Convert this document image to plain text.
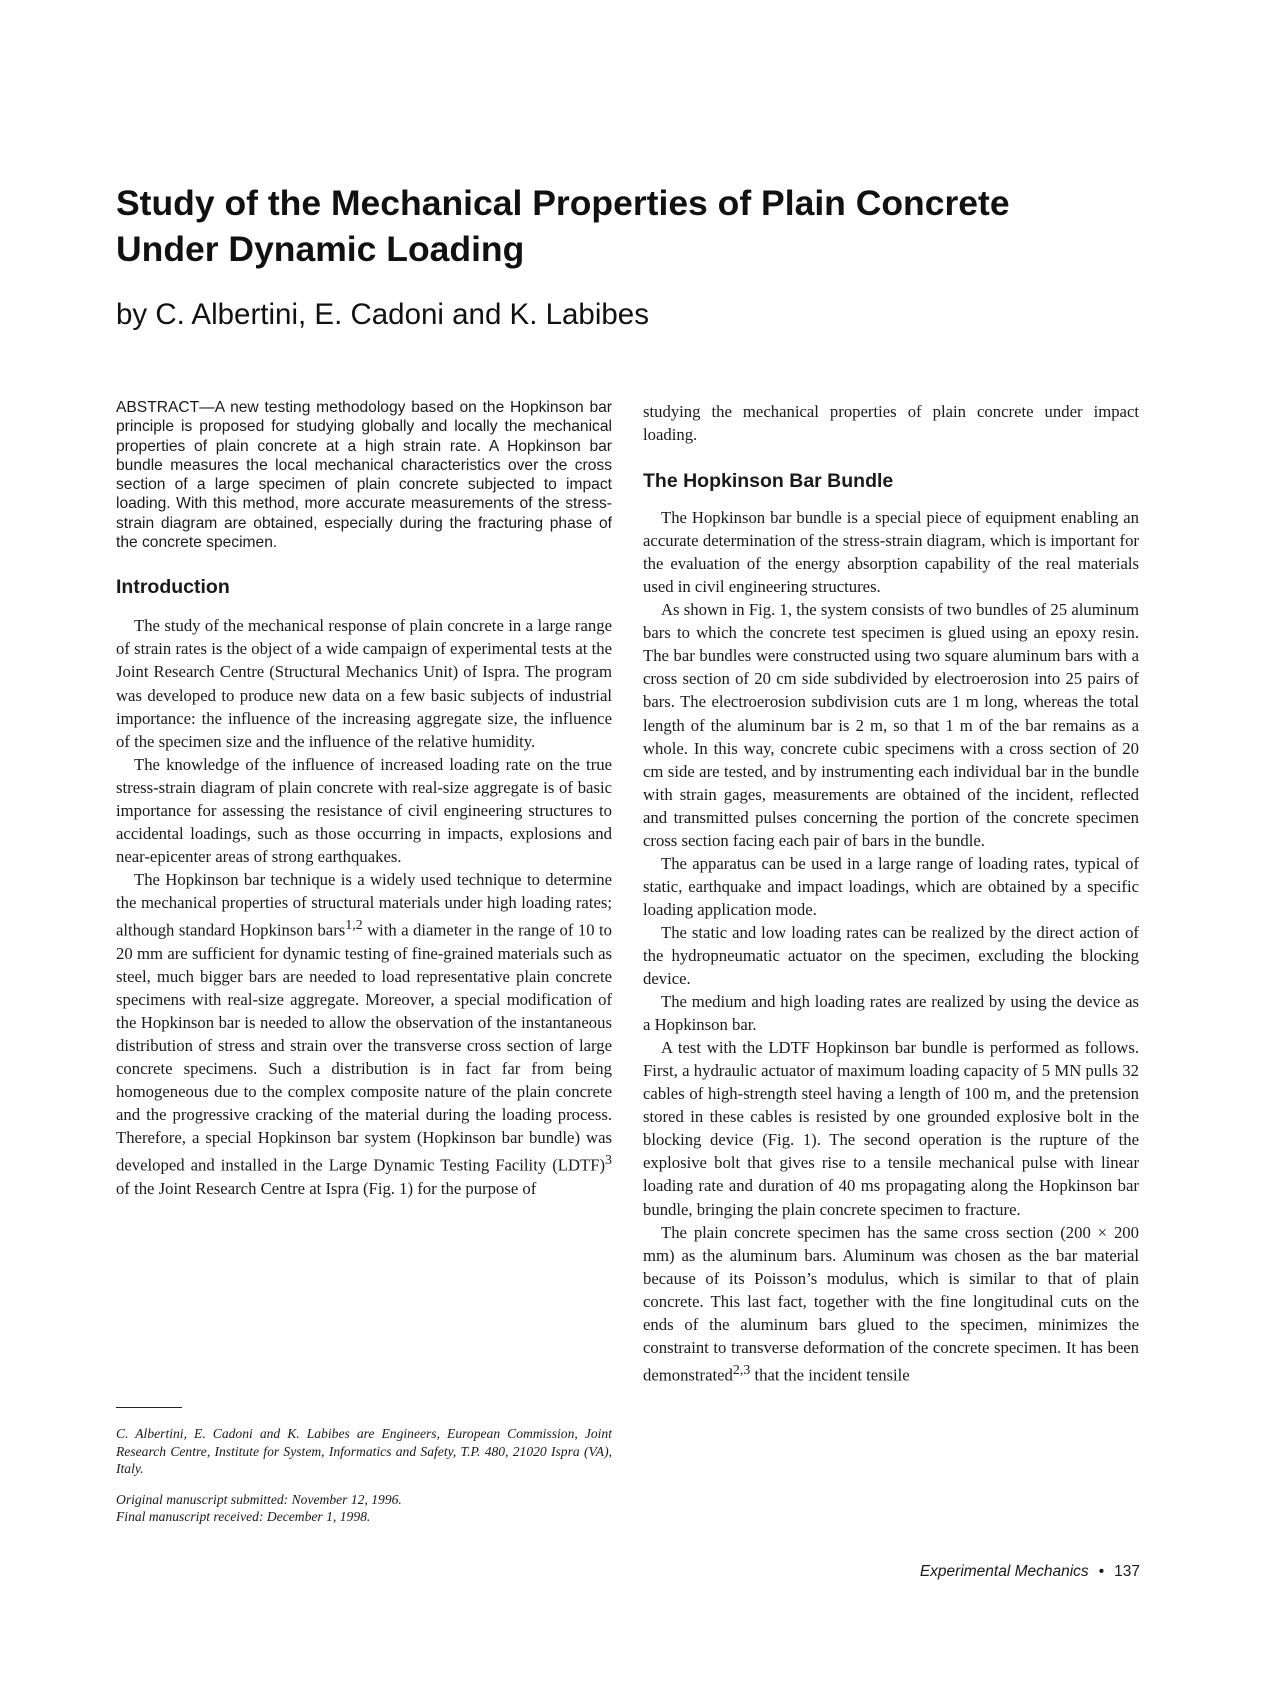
Study of the Mechanical Properties of Plain Concrete
Under Dynamic Loading
by C. Albertini, E. Cadoni and K. Labibes

ABSTRACT—A new testing methodology based on the Hopkinson bar principle is proposed for studying globally and locally the mechanical properties of plain concrete at a high strain rate. A Hopkinson bar bundle measures the local mechanical characteristics over the cross section of a large specimen of plain concrete subjected to impact loading. With this method, more accurate measurements of the stress-strain diagram are obtained, especially during the fracturing phase of the concrete specimen.

Introduction

The study of the mechanical response of plain concrete in a large range of strain rates is the object of a wide campaign of experimental tests at the Joint Research Centre (Structural Mechanics Unit) of Ispra. The program was developed to produce new data on a few basic subjects of industrial importance: the influence of the increasing aggregate size, the influence of the specimen size and the influence of the relative humidity.

The knowledge of the influence of increased loading rate on the true stress-strain diagram of plain concrete with real-size aggregate is of basic importance for assessing the resistance of civil engineering structures to accidental loadings, such as those occurring in impacts, explosions and near-epicenter areas of strong earthquakes.

The Hopkinson bar technique is a widely used technique to determine the mechanical properties of structural materials under high loading rates; although standard Hopkinson bars$^{1,2}$ with a diameter in the range of 10 to 20 mm are sufficient for dynamic testing of fine-grained materials such as steel, much bigger bars are needed to load representative plain concrete specimens with real-size aggregate. Moreover, a special modification of the Hopkinson bar is needed to allow the observation of the instantaneous distribution of stress and strain over the transverse cross section of large concrete specimens. Such a distribution is in fact far from being homogeneous due to the complex composite nature of the plain concrete and the progressive cracking of the material during the loading process. Therefore, a special Hopkinson bar system (Hopkinson bar bundle) was developed and installed in the Large Dynamic Testing Facility (LDTF)$^3$ of the Joint Research Centre at Ispra (Fig. 1) for the purpose of

studying the mechanical properties of plain concrete under impact loading.

The Hopkinson Bar Bundle

The Hopkinson bar bundle is a special piece of equipment enabling an accurate determination of the stress-strain diagram, which is important for the evaluation of the energy absorption capability of the real materials used in civil engineering structures.

As shown in Fig. 1, the system consists of two bundles of 25 aluminum bars to which the concrete test specimen is glued using an epoxy resin. The bar bundles were constructed using two square aluminum bars with a cross section of 20 cm side subdivided by electroerosion into 25 pairs of bars. The electroerosion subdivision cuts are 1 m long, whereas the total length of the aluminum bar is 2 m, so that 1 m of the bar remains as a whole. In this way, concrete cubic specimens with a cross section of 20 cm side are tested, and by instrumenting each individual bar in the bundle with strain gages, measurements are obtained of the incident, reflected and transmitted pulses concerning the portion of the concrete specimen cross section facing each pair of bars in the bundle.

The apparatus can be used in a large range of loading rates, typical of static, earthquake and impact loadings, which are obtained by a specific loading application mode.

The static and low loading rates can be realized by the direct action of the hydropneumatic actuator on the specimen, excluding the blocking device.

The medium and high loading rates are realized by using the device as a Hopkinson bar.

A test with the LDTF Hopkinson bar bundle is performed as follows. First, a hydraulic actuator of maximum loading capacity of 5 MN pulls 32 cables of high-strength steel having a length of 100 m, and the pretension stored in these cables is resisted by one grounded explosive bolt in the blocking device (Fig. 1). The second operation is the rupture of the explosive bolt that gives rise to a tensile mechanical pulse with linear loading rate and duration of 40 ms propagating along the Hopkinson bar bundle, bringing the plain concrete specimen to fracture.

The plain concrete specimen has the same cross section (200 × 200 mm) as the aluminum bars. Aluminum was chosen as the bar material because of its Poisson’s modulus, which is similar to that of plain concrete. This last fact, together with the fine longitudinal cuts on the ends of the aluminum bars glued to the specimen, minimizes the constraint to transverse deformation of the concrete specimen. It has been demonstrated$^{2,3}$ that the incident tensile

C. Albertini, E. Cadoni and K. Labibes are Engineers, European Commission, Joint Research Centre, Institute for System, Informatics and Safety, T.P. 480, 21020 Ispra (VA), Italy.

Original manuscript submitted: November 12, 1996.

Final manuscript received: December 1, 1998.

Experimental Mechanics • 137
